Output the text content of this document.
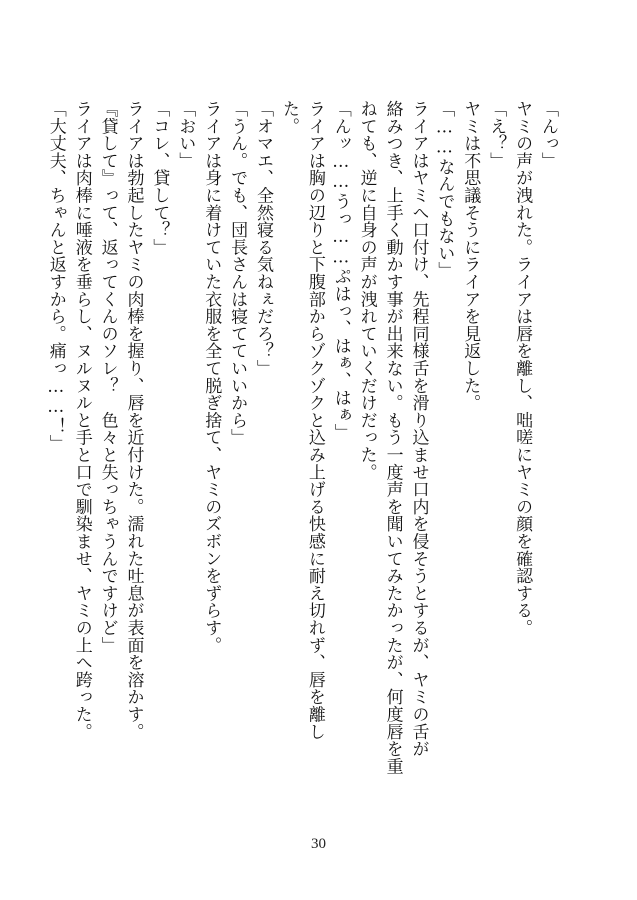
「んっ」
ヤミの声が洩れた。ライアは唇を離し、咄嗟にヤミの顔を確認する。
「え？」
ヤミは不思議そうにライアを見返した。
「……なんでもない」
ライアはヤミへ口付け、先程同様舌を滑り込ませ口内を侵そうとするが、ヤミの舌が
絡みつき、上手く動かす事が出来ない。もう一度声を聞いてみたかったが、何度唇を重
ねても、逆に自身の声が洩れていくだけだった。
「んッ……うっ……ぷはっ、はぁ、はぁ」
ライアは胸の辺りと下腹部からゾクゾクと込み上げる快感に耐え切れず、唇を離し
た。
「オマエ、全然寝る気ねぇだろ？」
「うん。でも、団長さんは寝てていいから」
ライアは身に着けていた衣服を全て脱ぎ捨て、ヤミのズボンをずらす。
「おい」
「コレ、貸して？」
ライアは勃起したヤミの肉棒を握り、唇を近付けた。濡れた吐息が表面を溶かす。
『貸して』って、返ってくんのソレ？　色々と失っちゃうんですけど」
ライアは肉棒に唾液を垂らし、ヌルヌルと手と口で馴染ませ、ヤミの上へ跨った。
「大丈夫、ちゃんと返すから。痛っ……！」
30
